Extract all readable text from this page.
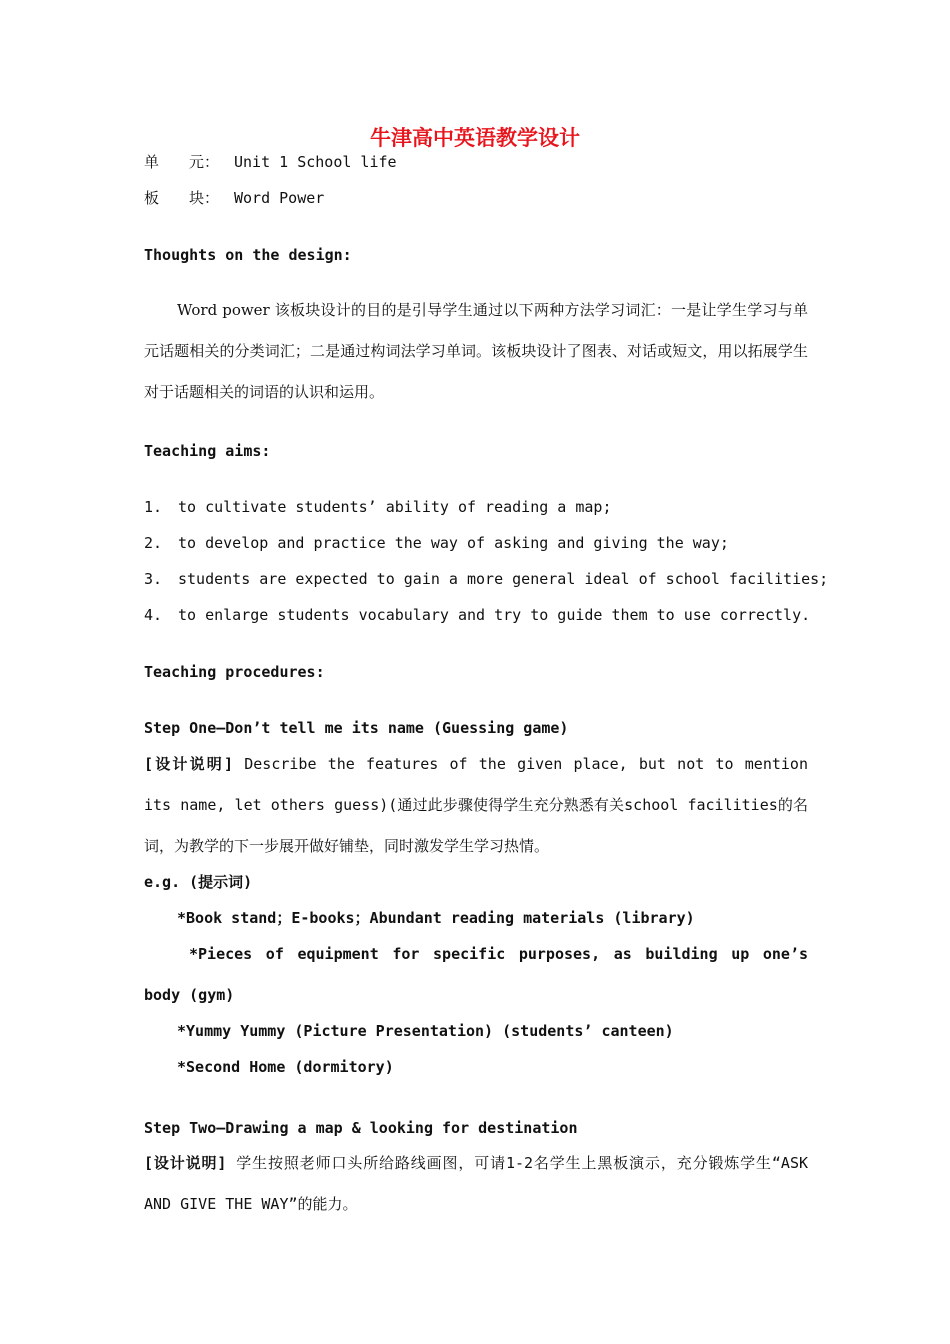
牛津高中英语教学设计
单　　元： Unit 1 School life
板　　块： Word Power
Thoughts on the design:
Word power 该板块设计的目的是引导学生通过以下两种方法学习词汇：一是让学生学习与单元话题相关的分类词汇；二是通过构词法学习单词。该板块设计了图表、对话或短文，用以拓展学生对于话题相关的词语的认识和运用。
Teaching aims:
1. to cultivate students’ ability of reading a map;
2. to develop and practice the way of asking and giving the way;
3. students are expected to gain a more general ideal of school facilities;
4. to enlarge students vocabulary and try to guide them to use correctly.
Teaching procedures:
Step One—Don’t tell me its name (Guessing game)
[设计说明] Describe the features of the given place, but not to mention its name, let others guess)(通过此步骤使得学生充分熟悉有关school facilities的名词，为教学的下一步展开做好铺垫，同时激发学生学习热情。
e.g. (提示词)
*Book stand；E-books；Abundant reading materials (library)
*Pieces of equipment for specific purposes, as building up one’s body (gym)
*Yummy Yummy (Picture Presentation) (students’ canteen)
*Second Home (dormitory)
Step Two—Drawing a map & looking for destination
[设计说明] 学生按照老师口头所给路线画图，可请1-2名学生上黑板演示，充分锻炼学生“ASK AND GIVE THE WAY”的能力。
